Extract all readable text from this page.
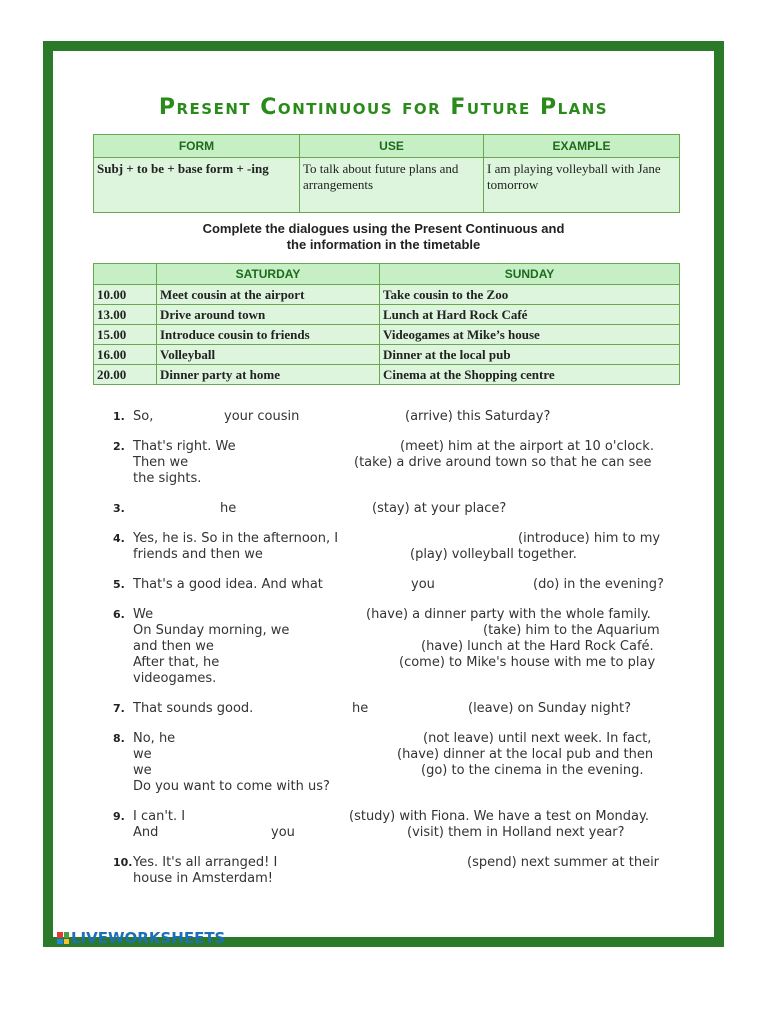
Present Continuous for Future Plans
FORM	USE	EXAMPLE
Subj + to be + base form + -ing	To talk about future plans and arrangements	I am playing volleyball with Jane tomorrow
Complete the dialogues using the Present Continuous and
the information in the timetable
	SATURDAY	SUNDAY
10.00	Meet cousin at the airport	Take cousin to the Zoo
13.00	Drive around town	Lunch at Hard Rock Café
15.00	Introduce cousin to friends	Videogames at Mike’s house
16.00	Volleyball	Dinner at the local pub
20.00	Dinner party at home	Cinema at the Shopping centre
1. So,	your cousin	(arrive) this Saturday?
2. That's right. We	(meet) him at the airport at 10 o'clock.
Then we	(take) a drive around town so that he can see
the sights.
3.	he	(stay) at your place?
4. Yes, he is. So in the afternoon, I	(introduce) him to my
friends and then we	(play) volleyball together.
5. That's a good idea. And what	you	(do) in the evening?
6. We	(have) a dinner party with the whole family.
On Sunday morning, we	(take) him to the Aquarium
and then we	(have) lunch at the Hard Rock Café.
After that, he	(come) to Mike's house with me to play
videogames.
7. That sounds good.	he	(leave) on Sunday night?
8. No, he	(not leave) until next week. In fact,
we	(have) dinner at the local pub and then
we	(go) to the cinema in the evening.
Do you want to come with us?
9. I can't. I	(study) with Fiona. We have a test on Monday.
And	you	(visit) them in Holland next year?
10. Yes. It's all arranged! I	(spend) next summer at their
house in Amsterdam!
LIVEWORKSHEETS
